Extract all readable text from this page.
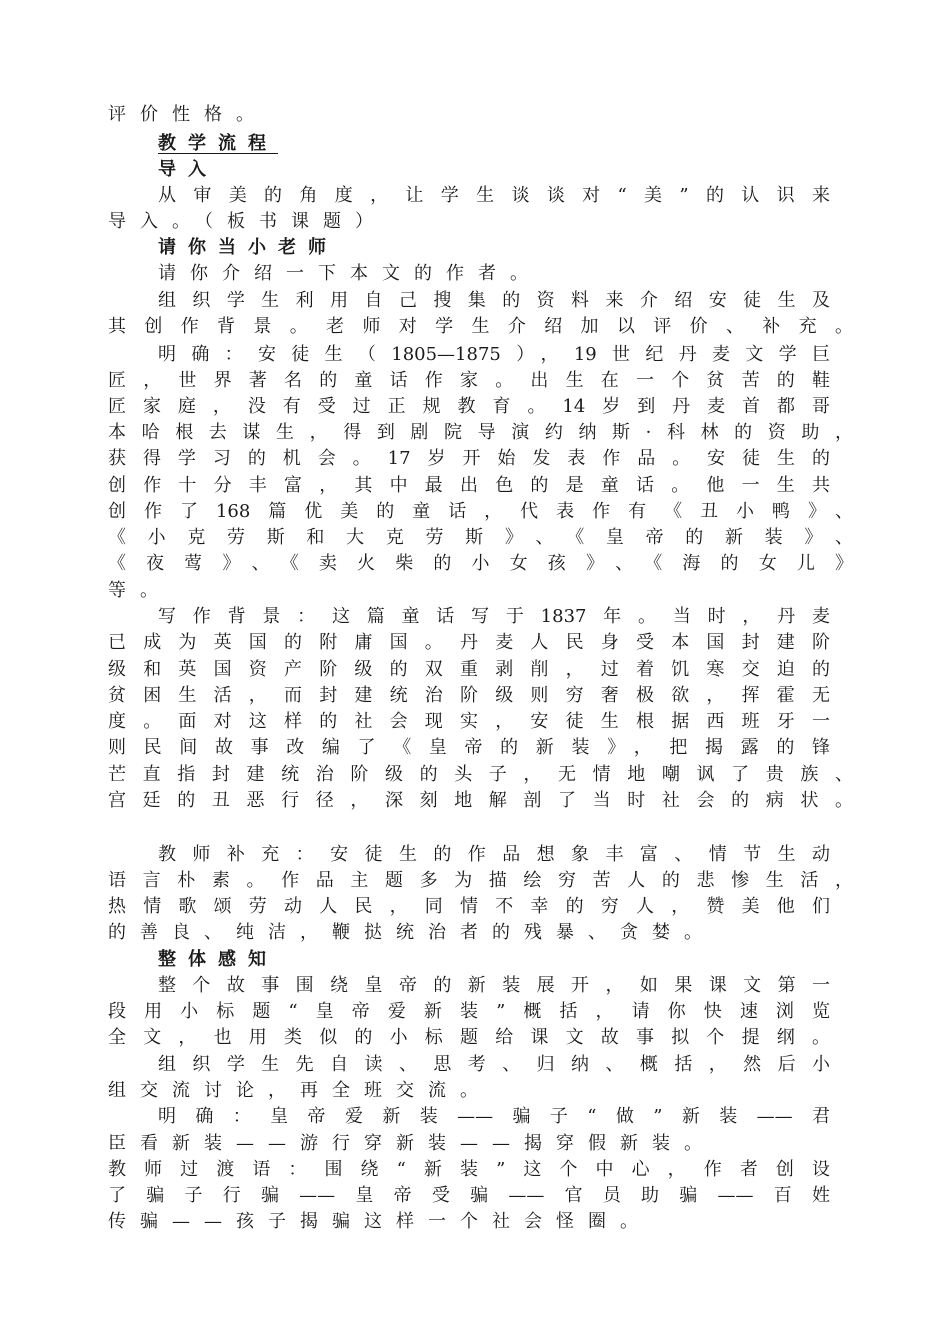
评价性格。
教学流程
导入
从审美的角度，让学生谈谈对“美”的认识来
导入。（板书课题）
请你当小老师
请你介绍一下本文的作者。
组织学生利用自己搜集的资料来介绍安徒生及
其创作背景。老师对学生介绍加以评价、补充。
明确：安徒生（1805—1875），19世纪丹麦文学巨
匠，世界著名的童话作家。出生在一个贫苦的鞋
匠家庭，没有受过正规教育。14岁到丹麦首都哥
本哈根去谋生，得到剧院导演约纳斯·科林的资助，
获得学习的机会。17岁开始发表作品。安徒生的
创作十分丰富，其中最出色的是童话。他一生共
创作了168篇优美的童话，代表作有《丑小鸭》、
《小克劳斯和大克劳斯》、《皇帝的新装》、
《夜莺》、《卖火柴的小女孩》、《海的女儿》
等。
写作背景：这篇童话写于1837年。当时，丹麦
已成为英国的附庸国。丹麦人民身受本国封建阶
级和英国资产阶级的双重剥削，过着饥寒交迫的
贫困生活，而封建统治阶级则穷奢极欲，挥霍无
度。面对这样的社会现实，安徒生根据西班牙一
则民间故事改编了《皇帝的新装》，把揭露的锋
芒直指封建统治阶级的头子，无情地嘲讽了贵族、
宫廷的丑恶行径，深刻地解剖了当时社会的病状。
教师补充：安徒生的作品想象丰富、情节生动
语言朴素。作品主题多为描绘穷苦人的悲惨生活，
热情歌颂劳动人民，同情不幸的穷人，赞美他们
的善良、纯洁，鞭挞统治者的残暴、贪婪。
整体感知
整个故事围绕皇帝的新装展开，如果课文第一
段用小标题“皇帝爱新装”概括，请你快速浏览
全文，也用类似的小标题给课文故事拟个提纲。
组织学生先自读、思考、归纳、概括，然后小
组交流讨论，再全班交流。
明确：皇帝爱新装——骗子“做”新装——君
臣看新装——游行穿新装——揭穿假新装。
教师过渡语：围绕“新装”这个中心，作者创设
了骗子行骗——皇帝受骗——官员助骗——百姓
传骗——孩子揭骗这样一个社会怪圈。
